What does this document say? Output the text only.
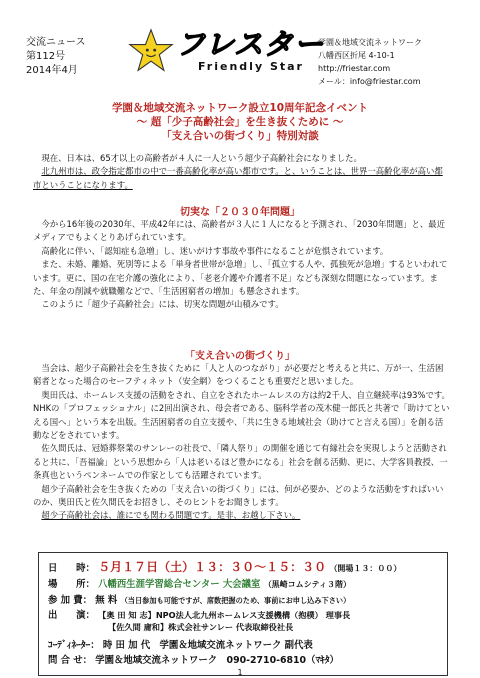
交流ニュース
第112号
2014年4月
フレスター
Friendly Star
学園＆地域交流ネットワーク
八幡西区折尾 4-10-1
http://friestar.com
メール：info@friestar.com
学園＆地域交流ネットワーク設立10周年記念イベント
～ 超「少子高齢社会」を生き抜くために ～
「支え合いの街づくり」特別対談

現在、日本は、65才以上の高齢者が４人に一人という超少子高齢社会になりました。

北九州市は、政令指定都市の中で一番高齢化率が高い都市です。と、いうことは、世界一高齢化率が高い都市ということになります。

切実な「２０３０年問題」

今から16年後の2030年、平成42年には、高齢者が３人に１人になると予測され、「2030年問題」と、最近メディアでもよくとりあげられています。

高齢化に伴い、「認知症も急増」し、迷いがけす事故や事件になることが危惧されています。

また、未婚、離婚、死別等による「単身者世帯が急増」し、「孤立する人や、孤独死が急増」するといわれています。更に、国の在宅介護の強化により、「老老介護や介護者不足」なども深刻な問題になっています。また、年金の削減や就職難などで、「生活困窮者の増加」も懸念されます。

このように「超少子高齢社会」には、切実な問題が山積みです。

「支え合いの街づくり」

当会は、超少子高齢社会を生き抜くために「人と人のつながり」が必要だと考えると共に、万が一、生活困窮者となった場合のセーフティネット（安全網）をつくることも重要だと思いました。

奥田氏は、ホームレス支援の活動をされ、自立をされたホームレスの方は約2千人、自立継続率は93%です。NHKの「プロフェッショナル」に2回出演され、母会者である、脳科学者の茂木健一郎氏と共著で「助けてといえる国へ」という本を出版。生活困窮者の自立支援や、「共に生きる地域社会（助けてと言える国）」を創る活動などをされています。

佐久間氏は、冠婚葬祭業のサンレーの社長で、「隣人祭り」の開催を通じて有縁社会を実現しようと活動されると共に、「吾福論」という思想から「人は老いるほど豊かになる」社会を創る活動、更に、大学客員教授、一条真也というペンネームでの作家としても活躍されています。

超少子高齢社会を生き抜くための「支え合いの街づくり」には、何が必要か、どのような活動をすればいいのか、奥田氏と佐久間氏をお招きし、そのヒントをお聞きします。

超少子高齢社会は、誰にでも関わる問題です。是非、お越し下さい。

日　　時： ５月１７日（土）１３：３０～１５：３０ （開場１３：００）
場　　所： 八幡西生涯学習総合センター 大会議室 （黒崎コムシティ３階）
参 加 費： 無 料 （当日参加も可能ですが、席数把握のため、事前にお申し込み下さい）
出　　演： 【奥 田 知 志】NPO法人北九州ホームレス支援機構（抱樸） 理事長
【佐久間 庸和】株式会社サンレー 代表取締役社長
ｺｰﾃﾞｨﾈｰﾀｰ： 時 田 加 代　学園＆地域交流ネットワーク 副代表
問 合 せ： 学園＆地域交流ネットワーク　090-2710-6810（ﾏｷﾀ）
1
